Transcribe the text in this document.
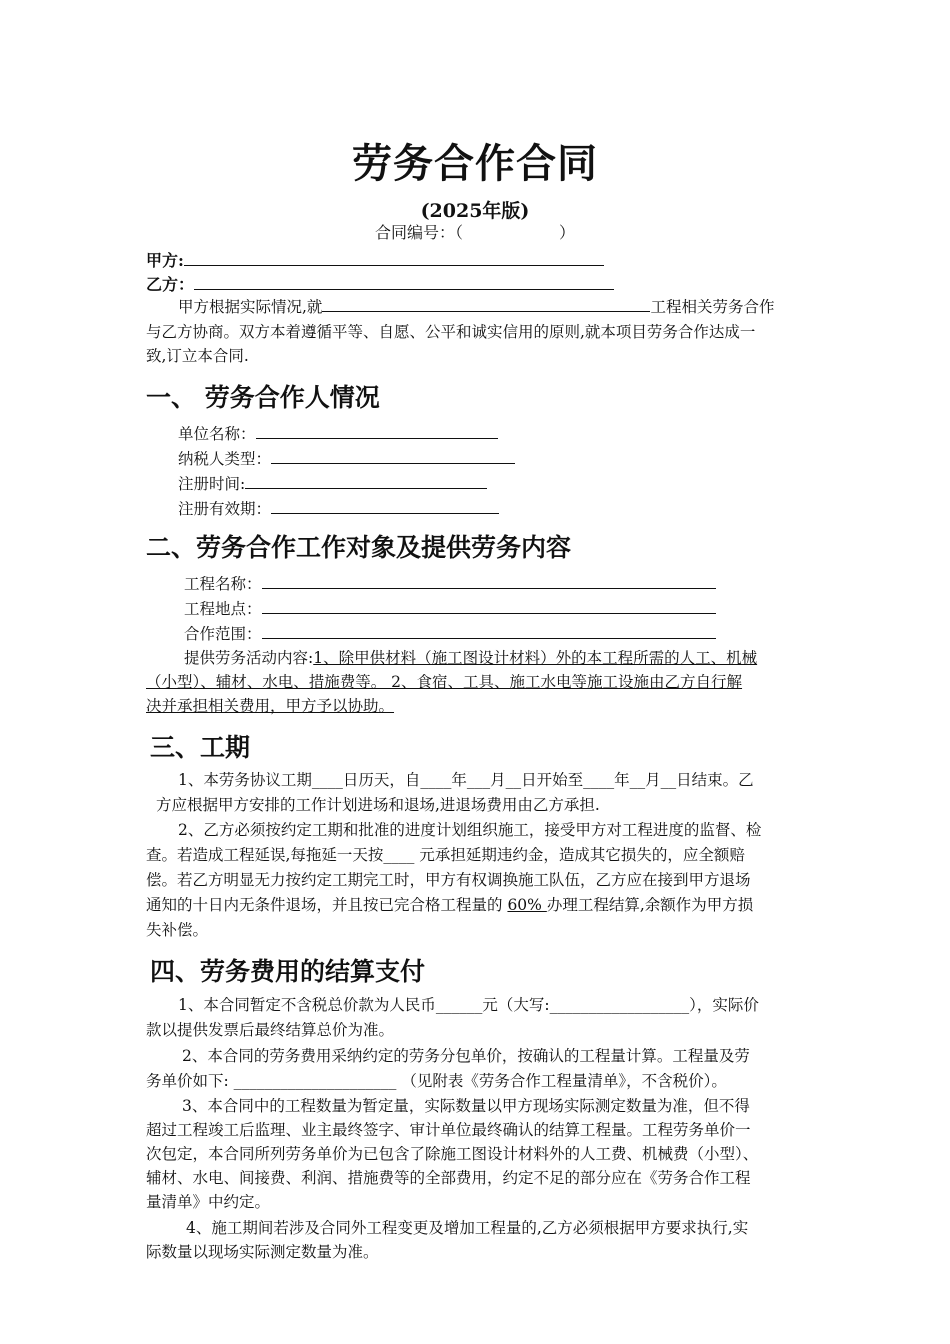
劳务合作合同
(2025年版)
合同编号：（　　　　　　）
甲方:
乙方：
甲方根据实际情况,就	工程相关劳务合作
与乙方协商。双方本着遵循平等、自愿、公平和诚实信用的原则,就本项目劳务合作达成一
致,订立本合同.
一、 劳务合作人情况
单位名称：
纳税人类型：
注册时间:
注册有效期：
二、劳务合作工作对象及提供劳务内容
工程名称：
工程地点：
合作范围：
提供劳务活动内容:1、除甲供材料（施工图设计材料）外的本工程所需的人工、机械
（小型）、辅材、水电、措施费等。 2、食宿、工具、施工水电等施工设施由乙方自行解
决并承担相关费用，甲方予以协助。
三、工期
1、本劳务协议工期____日历天，自____年___月__日开始至____年__月__日结束。乙
方应根据甲方安排的工作计划进场和退场,进退场费用由乙方承担.
2、乙方必须按约定工期和批准的进度计划组织施工，接受甲方对工程进度的监督、检
查。若造成工程延误,每拖延一天按____ 元承担延期违约金，造成其它损失的，应全额赔
偿。若乙方明显无力按约定工期完工时，甲方有权调换施工队伍，乙方应在接到甲方退场
通知的十日内无条件退场，并且按已完合格工程量的 60% 办理工程结算,余额作为甲方损
失补偿。
四、劳务费用的结算支付
1、本合同暂定不含税总价款为人民币______元（大写:__________________），实际价
款以提供发票后最终结算总价为准。
2、本合同的劳务费用采纳约定的劳务分包单价，按确认的工程量计算。工程量及劳
务单价如下: _____________________ （见附表《劳务合作工程量清单》，不含税价）。
3、本合同中的工程数量为暂定量，实际数量以甲方现场实际测定数量为准，但不得
超过工程竣工后监理、业主最终签字、审计单位最终确认的结算工程量。工程劳务单价一
次包定，本合同所列劳务单价为已包含了除施工图设计材料外的人工费、机械费（小型）、
辅材、水电、间接费、利润、措施费等的全部费用，约定不足的部分应在《劳务合作工程
量清单》中约定。
4、施工期间若涉及合同外工程变更及增加工程量的,乙方必须根据甲方要求执行,实
际数量以现场实际测定数量为准。
